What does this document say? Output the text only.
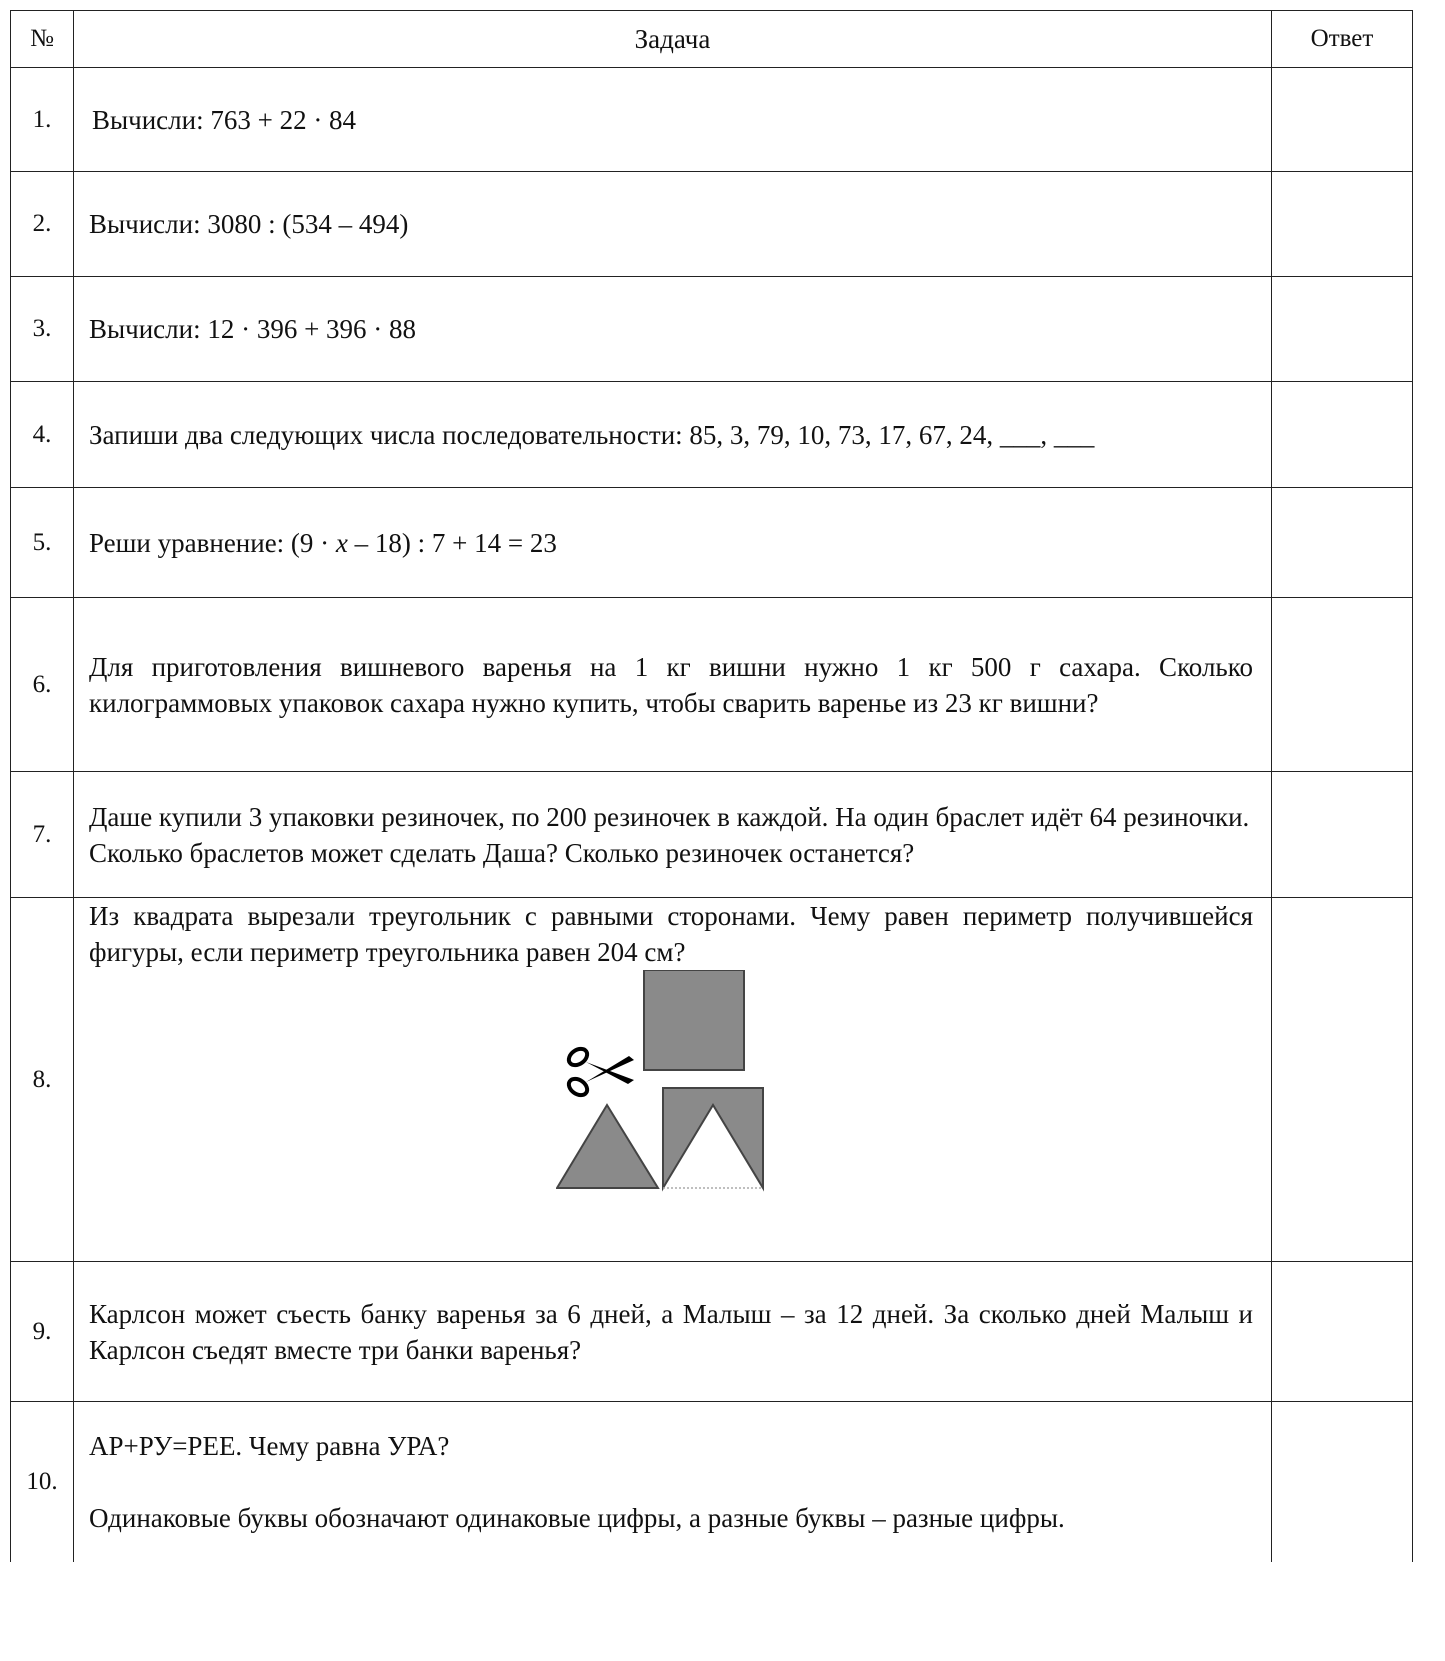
№	Задача	Ответ
1.	Вычисли: 763 + 22 · 84	
2.	Вычисли: 3080 : (534 – 494)	
3.	Вычисли: 12 · 396 + 396 · 88	
4.	Запиши два следующих числа последовательности: 85, 3, 79, 10, 73, 17, 67, 24, ___, ___	
5.	Реши уравнение: (9 · x – 18) : 7 + 14 = 23	
6.	Для приготовления вишневого варенья на 1 кг вишни нужно 1 кг 500 г сахара. Сколько килограммовых упаковок сахара нужно купить, чтобы сварить варенье из 23 кг вишни?	
7.	Даше купили 3 упаковки резиночек, по 200 резиночек в каждой. На один браслет идёт 64 резиночки. Сколько браслетов может сделать Даша? Сколько резиночек останется?	
8.	Из квадрата вырезали треугольник с равными сторонами. Чему равен периметр получившейся фигуры, если периметр треугольника равен 204 см?	

9.	Карлсон может съесть банку варенья за 6 дней, а Малыш – за 12 дней. За сколько дней Малыш и Карлсон съедят вместе три банки варенья?	
10.	АР+РУ=РЕЕ. Чему равна УРА?
Одинаковые буквы обозначают одинаковые цифры, а разные буквы – разные цифры.	
